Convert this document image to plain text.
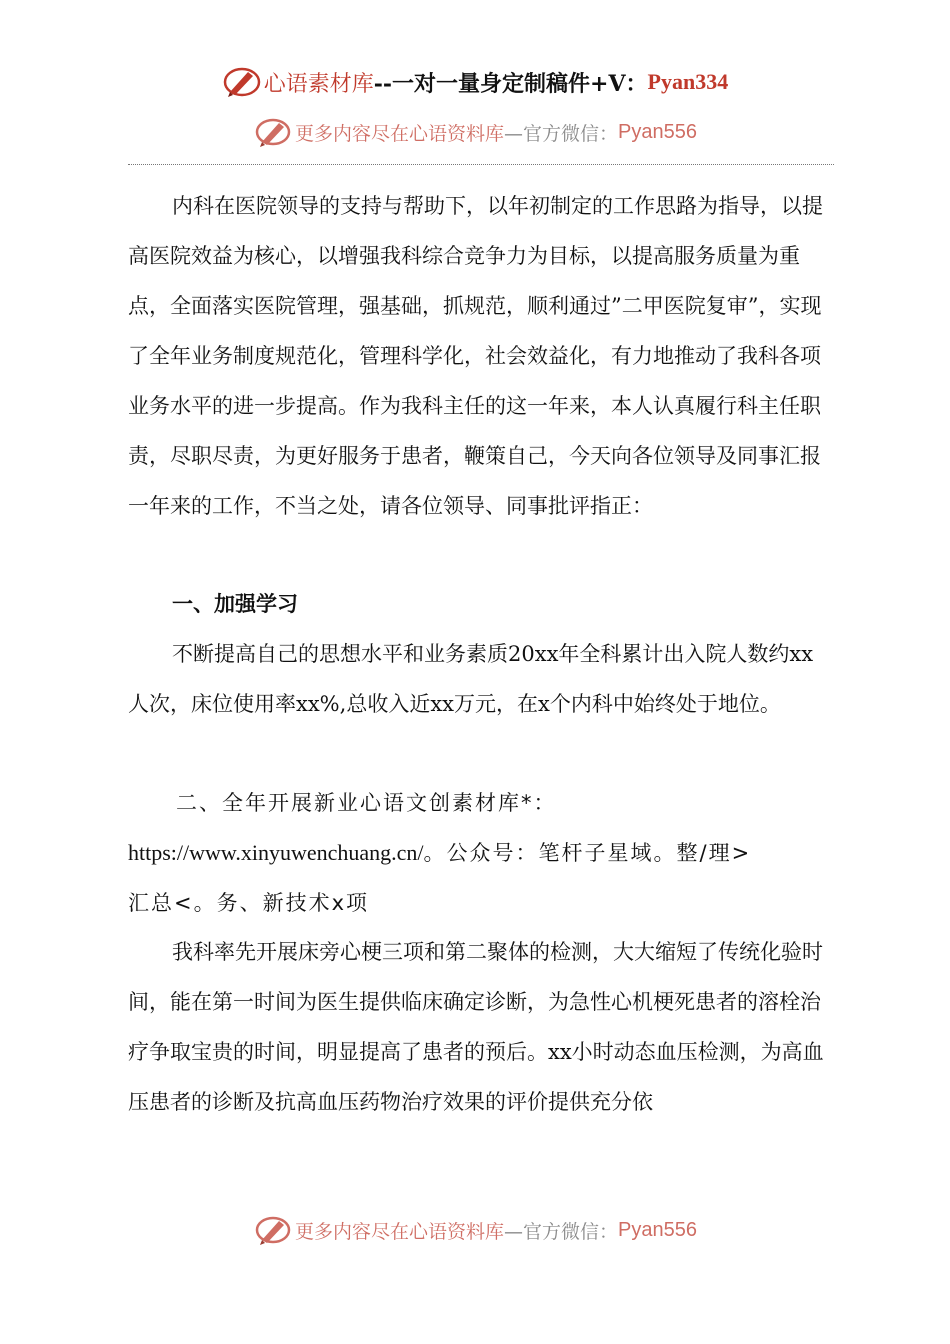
心语素材库 --一对一量身定制稿件+V： Pyan334
更多内容尽在心语资料库 —官方微信： Pyan556

内科在医院领导的支持与帮助下，以年初制定的工作思路为指导，以提高医院效益为核心，以增强我科综合竞争力为目标，以提高服务质量为重点，全面落实医院管理，强基础，抓规范，顺利通过”二甲医院复审”，实现了全年业务制度规范化，管理科学化，社会效益化，有力地推动了我科各项业务水平的进一步提高。作为我科主任的这一年来，本人认真履行科主任职责，尽职尽责，为更好服务于患者，鞭策自己，今天向各位领导及同事汇报一年来的工作，不当之处，请各位领导、同事批评指正：

一、加强学习

不断提高自己的思想水平和业务素质20xx年全科累计出入院人数约xx人次，床位使用率xx%,总收入近xx万元，在x个内科中始终处于地位。

二、全年开展新业心语文创素材库*：
https://www.xinyuwenchuang.cn/。公众号：笔杆子星域。整/理>
汇总<。务、新技术x项

我科率先开展床旁心梗三项和第二聚体的检测，大大缩短了传统化验时间，能在第一时间为医生提供临床确定诊断，为急性心机梗死患者的溶栓治疗争取宝贵的时间，明显提高了患者的预后。xx小时动态血压检测，为高血压患者的诊断及抗高血压药物治疗效果的评价提供充分依

更多内容尽在心语资料库 —官方微信： Pyan556
